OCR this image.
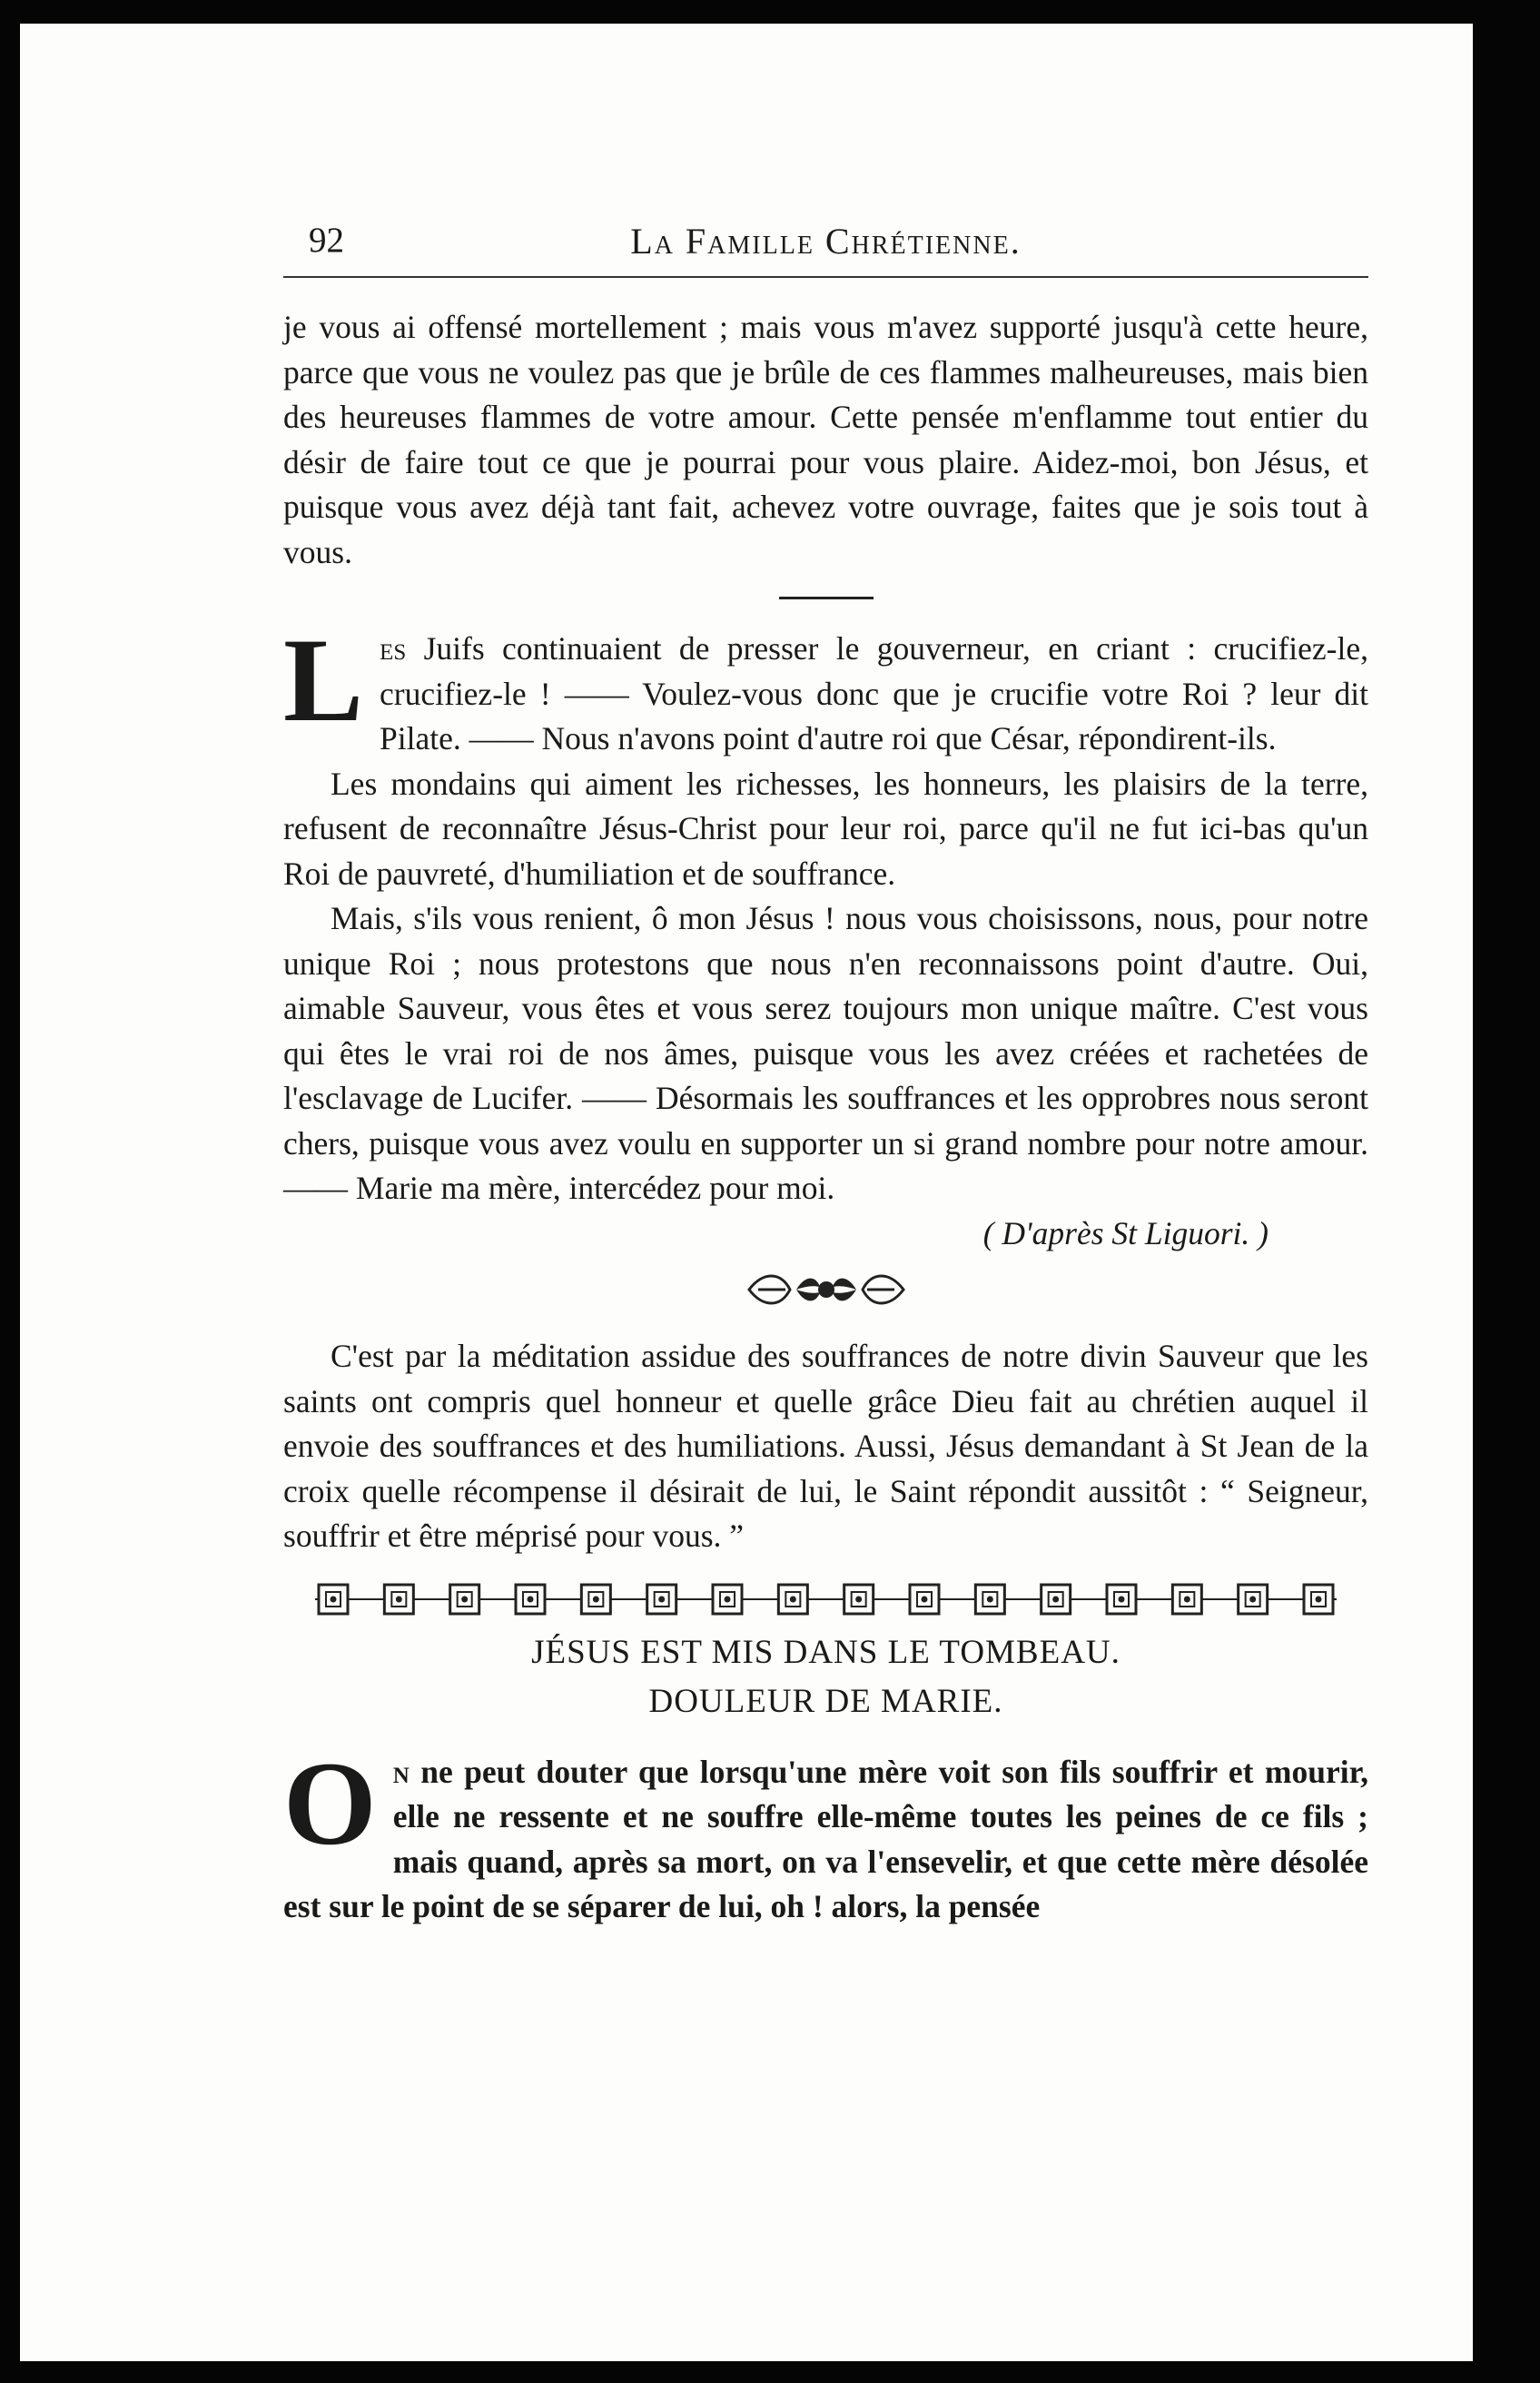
92	La Famille Chrétienne.

je vous ai offensé mortellement ; mais vous m'avez supporté jusqu'à cette heure, parce que vous ne voulez pas que je brûle de ces flammes malheureuses, mais bien des heureuses flammes de votre amour. Cette pensée m'enflamme tout entier du désir de faire tout ce que je pourrai pour vous plaire. Aidez-moi, bon Jésus, et puisque vous avez déjà tant fait, achevez votre ouvrage, faites que je sois tout à vous.

Les Juifs continuaient de presser le gouverneur, en criant : crucifiez-le, crucifiez-le ! —— Voulez-vous donc que je crucifie votre Roi ? leur dit Pilate. —— Nous n'avons point d'autre roi que César, répondirent-ils.

Les mondains qui aiment les richesses, les honneurs, les plaisirs de la terre, refusent de reconnaître Jésus-Christ pour leur roi, parce qu'il ne fut ici-bas qu'un Roi de pauvreté, d'humiliation et de souffrance.

Mais, s'ils vous renient, ô mon Jésus ! nous vous choisissons, nous, pour notre unique Roi ; nous protestons que nous n'en reconnaissons point d'autre. Oui, aimable Sauveur, vous êtes et vous serez toujours mon unique maître. C'est vous qui êtes le vrai roi de nos âmes, puisque vous les avez créées et rachetées de l'esclavage de Lucifer. —— Désormais les souffrances et les opprobres nous seront chers, puisque vous avez voulu en supporter un si grand nombre pour notre amour. —— Marie ma mère, intercédez pour moi.

( D'après St Liguori. )

C'est par la méditation assidue des souffrances de notre divin Sauveur que les saints ont compris quel honneur et quelle grâce Dieu fait au chrétien auquel il envoie des souffrances et des humiliations. Aussi, Jésus demandant à St Jean de la croix quelle récompense il désirait de lui, le Saint répondit aussitôt : “ Seigneur, souffrir et être méprisé pour vous. ”

JÉSUS EST MIS DANS LE TOMBEAU.

DOULEUR DE MARIE.

On ne peut douter que lorsqu'une mère voit son fils souffrir et mourir, elle ne ressente et ne souffre elle-même toutes les peines de ce fils ; mais quand, après sa mort, on va l'ensevelir, et que cette mère désolée est sur le point de se séparer de lui, oh ! alors, la pensée
